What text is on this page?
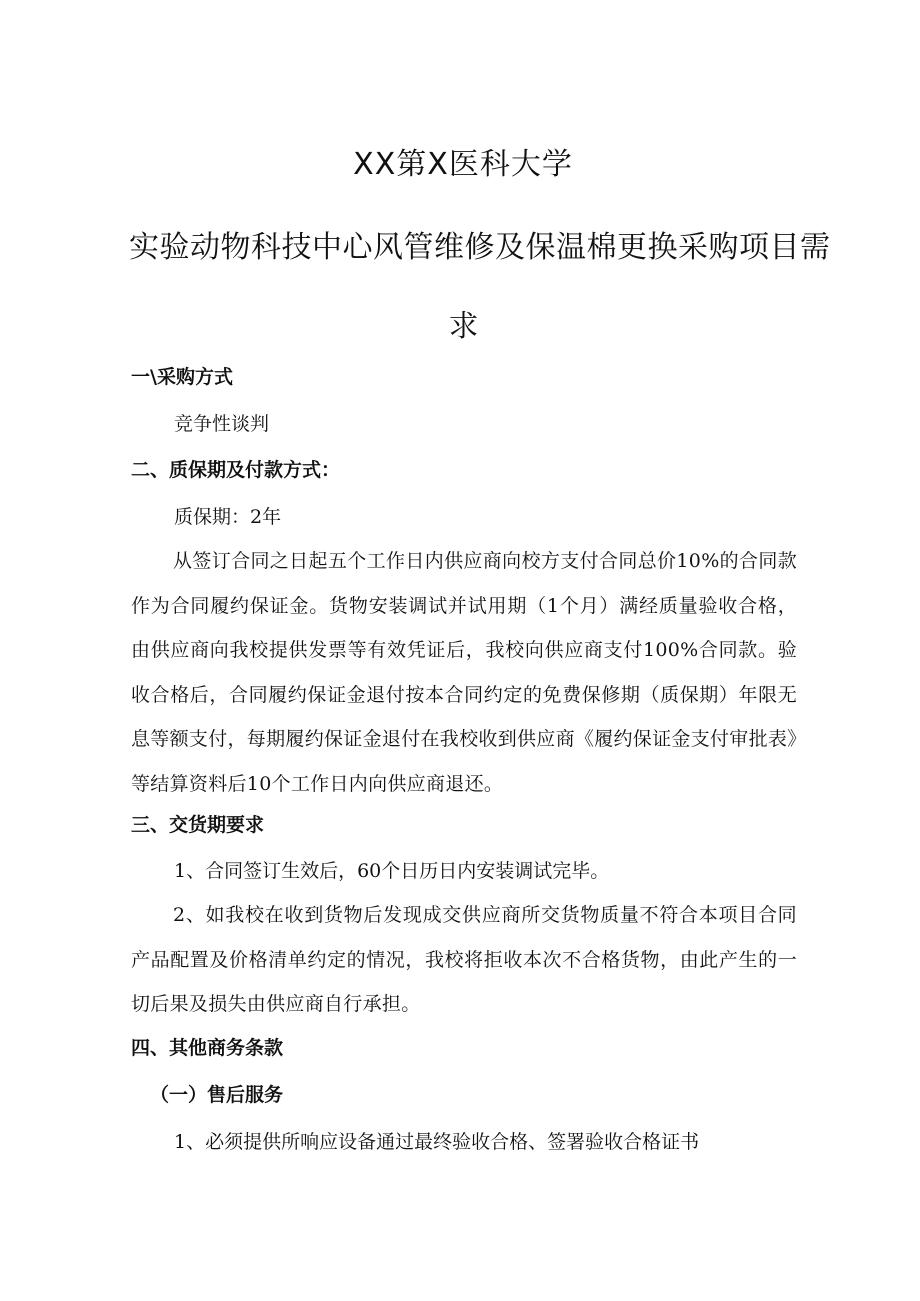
XX第X医科大学
实验动物科技中心风管维修及保温棉更换采购项目需
求
一\采购方式
竞争性谈判
二、质保期及付款方式：
质保期：2年
从签订合同之日起五个工作日内供应商向校方支付合同总价10%的合同款作为合同履约保证金。货物安装调试并试用期（1个月）满经质量验收合格，由供应商向我校提供发票等有效凭证后，我校向供应商支付100%合同款。验收合格后，合同履约保证金退付按本合同约定的免费保修期（质保期）年限无息等额支付，每期履约保证金退付在我校收到供应商《履约保证金支付审批表》等结算资料后10个工作日内向供应商退还。
三、交货期要求
1、合同签订生效后，60个日历日内安装调试完毕。
2、如我校在收到货物后发现成交供应商所交货物质量不符合本项目合同产品配置及价格清单约定的情况，我校将拒收本次不合格货物，由此产生的一切后果及损失由供应商自行承担。
四、其他商务条款
（一）售后服务
1、必须提供所响应设备通过最终验收合格、签署验收合格证书
